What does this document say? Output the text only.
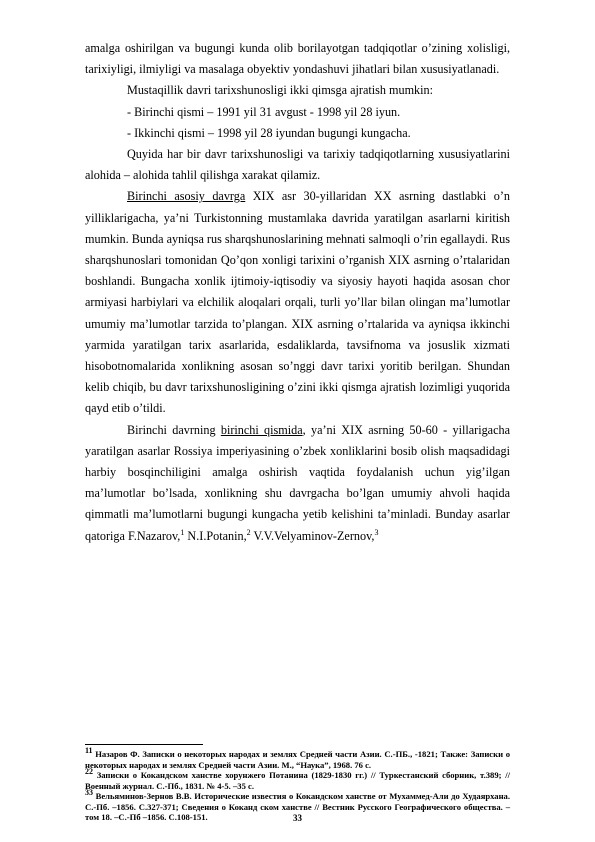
amalga oshirilgan va bugungi kunda olib borilayotgan tadqiqotlar o’zining xolisligi, tarixiyligi, ilmiyligi va masalaga obyektiv yondashuvi jihatlari bilan xususiyatlanadi.

Mustaqillik davri tarixshunosligi ikki qimsga ajratish mumkin:

- Birinchi qismi – 1991 yil 31 avgust - 1998 yil 28 iyun.

- Ikkinchi qismi – 1998 yil 28 iyundan bugungi kungacha.

Quyida har bir davr tarixshunosligi va tarixiy tadqiqotlarning xususiyatlarini alohida – alohida tahlil qilishga xarakat qilamiz.

Birinchi asosiy davrga XIX asr 30-yillaridan XX asrning dastlabki o’n yilliklarigacha, ya’ni Turkistonning mustamlaka davrida yaratilgan asarlarni kiritish mumkin. Bunda ayniqsa rus sharqshunoslarining mehnati salmoqli o’rin egallaydi. Rus sharqshunoslari tomonidan Qo’qon xonligi tarixini o’rganish XIX asrning o’rtalaridan boshlandi. Bungacha xonlik ijtimoiy-iqtisodiy va siyosiy hayoti haqida asosan chor armiyasi harbiylari va elchilik aloqalari orqali, turli yo’llar bilan olingan ma’lumotlar umumiy ma’lumotlar tarzida to’plangan. XIX asrning o’rtalarida va ayniqsa ikkinchi yarmida yaratilgan tarix asarlarida, esdaliklarda, tavsifnoma va josuslik xizmati hisobotnomalarida xonlikning asosan so’nggi davr tarixi yoritib berilgan. Shundan kelib chiqib, bu davr tarixshunosligining o’zini ikki qismga ajratish lozimligi yuqorida qayd etib o’tildi.

Birinchi davrning birinchi qismida, ya’ni XIX asrning 50-60 - yillarigacha yaratilgan asarlar Rossiya imperiyasining o’zbek xonliklarini bosib olish maqsadidagi harbiy bosqinchiligini amalga oshirish vaqtida foydalanish uchun yig’ilgan ma’lumotlar bo’lsada, xonlikning shu davrgacha bo’lgan umumiy ahvoli haqida qimmatli ma’lumotlarni bugungi kungacha yetib kelishini ta’minladi. Bunday asarlar qatoriga F.Nazarov,$^1$ N.I.Potanin,$^2$ V.V.Velyaminov-Zernov,$^3$

$^{11}$ Назаров Ф. Записки о некоторых народах и землях Средней части Азии. С.-ПБ., -1821; Также: Записки о некоторых народах и землях Средней части Азии. М., “Наука”, 1968. 76 с.

$^{22}$ Записки о Кокандском ханстве хорунжего Потанина (1829-1830 гг.) // Туркестанский сборник, т.389; // Военный журнал. С.-Пб., 1831. № 4-5. –35 с.

$^{33}$ Вельяминов-Зернов В.В. Исторические известия о Кокандском ханстве от Мухаммед-Али до Худаярхана. С.-Пб. –1856. С.327-371; Сведения о Коканд ском ханстве // Вестник Русского Географического общества. –том 18. –С.-Пб –1856. С.108-151.	33
